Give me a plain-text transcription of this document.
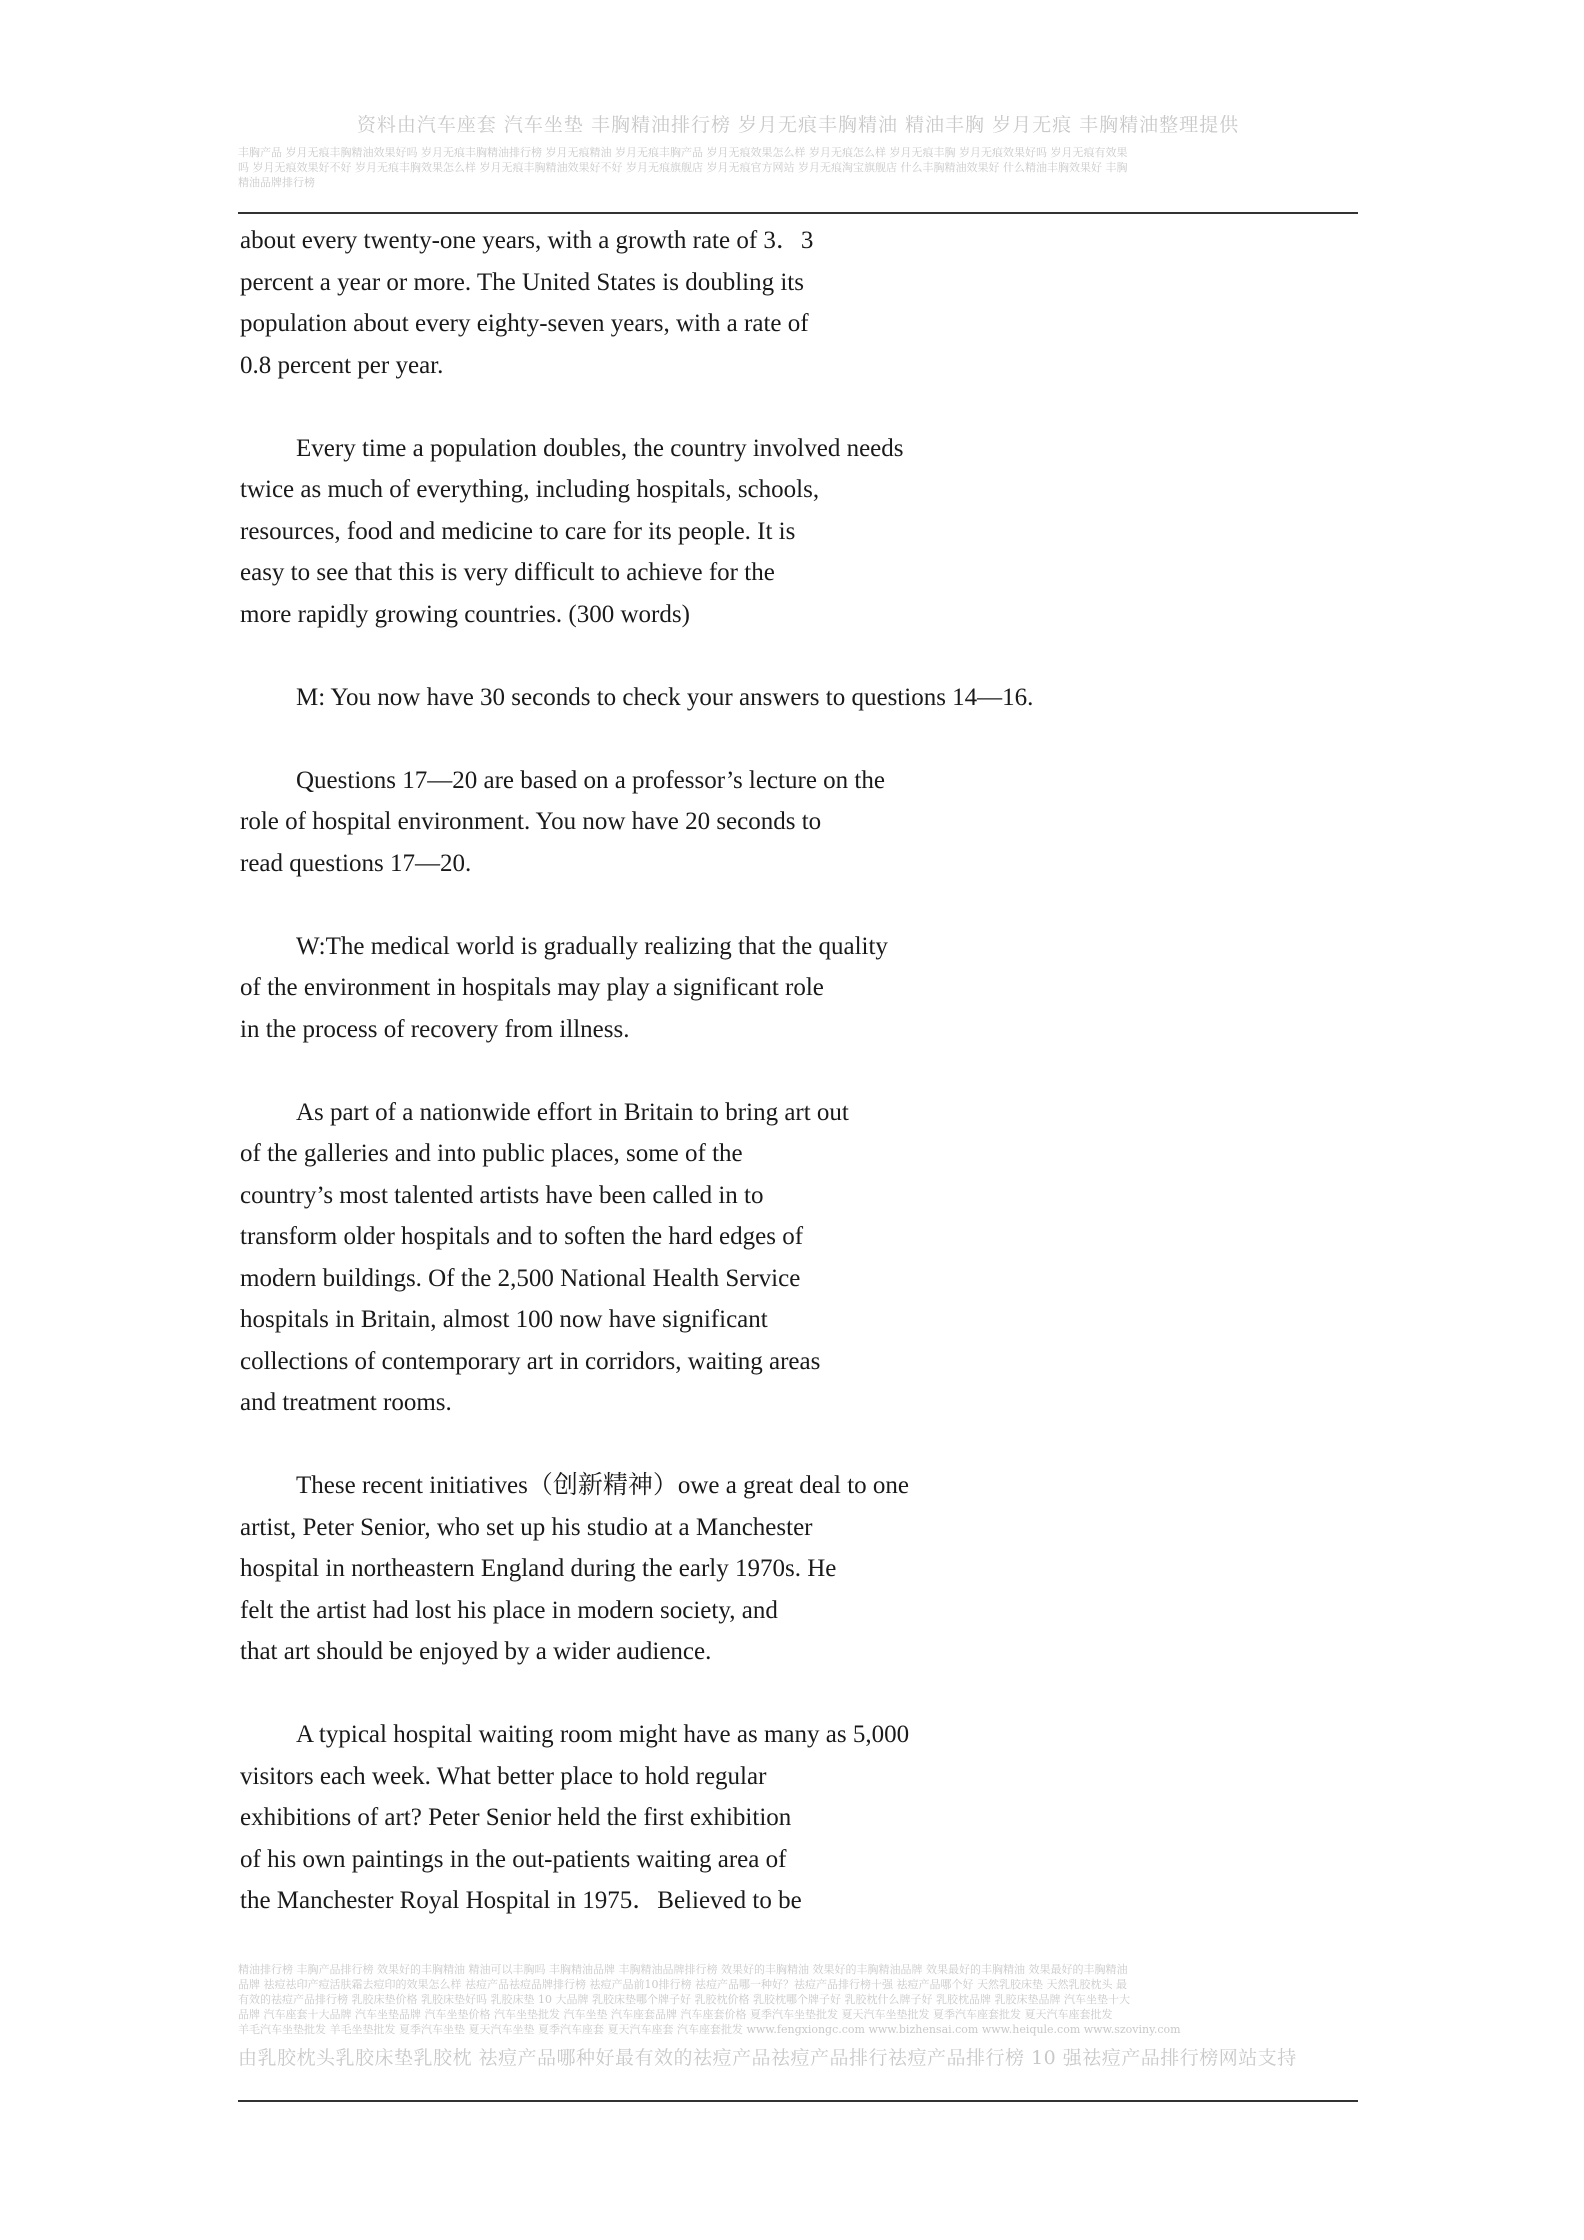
资料由汽车座套 汽车坐垫 丰胸精油排行榜 岁月无痕丰胸精油 精油丰胸 岁月无痕 丰胸精油整理提供
丰胸产品 岁月无痕丰胸精油效果好吗 岁月无痕丰胸精油排行榜 岁月无痕精油 岁月无痕丰胸产品 岁月无痕效果怎么样 岁月无痕怎么样 岁月无痕丰胸 岁月无痕效果好吗 岁月无痕有效果
吗 岁月无痕效果好不好 岁月无痕丰胸效果怎么样 岁月无痕丰胸精油效果好不好 岁月无痕旗舰店 岁月无痕官方网站 岁月无痕淘宝旗舰店 什么丰胸精油效果好 什么精油丰胸效果好 丰胸
精油品牌排行榜
about every twenty-one years, with a growth rate of 3．3
percent a year or more. The United States is doubling its
population about every eighty-seven years, with a rate of
0.8 percent per year.
Every time a population doubles, the country involved needs
twice as much of everything, including hospitals, schools,
resources, food and medicine to care for its people. It is
easy to see that this is very difficult to achieve for the
more rapidly growing countries. (300 words)
M: You now have 30 seconds to check your answers to questions 14—16.
Questions 17—20 are based on a professor’s lecture on the
role of hospital environment. You now have 20 seconds to
read questions 17—20.
W:The medical world is gradually realizing that the quality
of the environment in hospitals may play a significant role
in the process of recovery from illness.
As part of a nationwide effort in Britain to bring art out
of the galleries and into public places, some of the
country’s most talented artists have been called in to
transform older hospitals and to soften the hard edges of
modern buildings. Of the 2,500 National Health Service
hospitals in Britain, almost 100 now have significant
collections of contemporary art in corridors, waiting areas
and treatment rooms.
These recent initiatives（创新精神）owe a great deal to one
artist, Peter Senior, who set up his studio at a Manchester
hospital in northeastern England during the early 1970s. He
felt the artist had lost his place in modern society, and
that art should be enjoyed by a wider audience.
A typical hospital waiting room might have as many as 5,000
visitors each week. What better place to hold regular
exhibitions of art? Peter Senior held the first exhibition
of his own paintings in the out-patients waiting area of
the Manchester Royal Hospital in 1975．Believed to be
精油排行榜 丰胸产品排行榜 效果好的丰胸精油 精油可以丰胸吗 丰胸精油品牌 丰胸精油品牌排行榜 效果好的丰胸精油 效果好的丰胸精油品牌 效果最好的丰胸精油 效果最好的丰胸精油
品牌 祛痘祛印产痘活肤霜去痘印的效果怎么样 祛痘产品祛痘品牌排行榜 祛痘产品前10排行榜 祛痘产品哪一种好？祛痘产品排行榜十强 祛痘产品哪个好 天然乳胶床垫 天然乳胶枕头 最
有效的祛痘产品排行榜 乳胶床垫价格 乳胶床垫好吗 乳胶床垫 10 大品牌 乳胶床垫哪个牌子好 乳胶枕价格 乳胶枕哪个牌子好 乳胶枕什么牌子好 乳胶枕品牌 乳胶床垫品牌 汽车坐垫十大
品牌 汽车座套十大品牌 汽车坐垫品牌 汽车坐垫价格 汽车坐垫批发 汽车坐垫 汽车座套品牌 汽车座套价格 夏季汽车坐垫批发 夏天汽车坐垫批发 夏季汽车座套批发 夏天汽车座套批发
羊毛汽车坐垫批发 羊毛坐垫批发 夏季汽车坐垫 夏天汽车坐垫 夏季汽车座套 夏天汽车座套 汽车座套批发 www.fengxiongc.com www.bizhensai.com www.heiqule.com www.szoviny.com
由乳胶枕头乳胶床垫乳胶枕 祛痘产品哪种好最有效的祛痘产品祛痘产品排行祛痘产品排行榜 10 强祛痘产品排行榜网站支持
